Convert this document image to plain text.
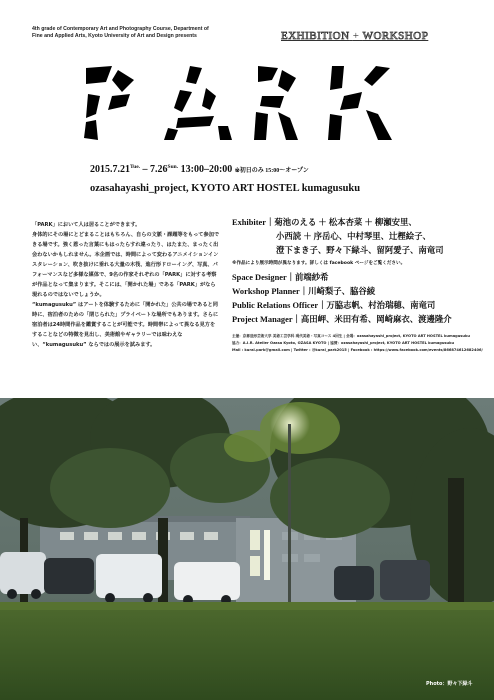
4th grade of Contemporary Art and Photography Course, Department of
Fine and Applied Arts, Kyoto University of Art and Design presents	EXHIBITION + WORKSHOP
$2015.7.21^{Tue.} - 7.26^{Sun.}$ 13:00–20:00 ※初日のみ 15:00〜オープン
ozasahayashi_project, KYOTO ART HOSTEL kumagusuku

「PARK」において人は居ることができます。

身体的にその場にとどまることはもちろん、自らの文脈・課題等をもって参加できる場です。強く惹った言葉にもはったらすれ違ったり、はたまた、まったく出会わないかもしれません。本企画では、時間によって変わるアニメイションインスタレーション、吹き抜けに垂れる大量の木筏、進行形ドローイング、写真、パフォーマンスなど多様な媒体で、9名の作家それぞれの「PARK」に対する考察が作品となって集まります。そこには、「開かれた場」である「PARK」がなら現れるのではないでしょうか。

“kumagusuku” はアートを体験するために「開かれた」公共の場であると同時に、宿泊者のための「閉じられた」プライベートな場所でもあります。さらに宿泊者は24時間作品を鑑賞することが可能です。時間帯によって異なる見方をすることなどの特徴を見出し、美術館やギャラリーでは味わえない、“kumagusuku” ならではの展示を試みます。

Exhibiter｜菊池のえる ＋ 松本杏菜 ＋ 柳瀬安里、
小西読 ＋ 序岳心、中村琴里、辻樫絵子、
澄下まき子、野々下緑斗、留阿愛子、南竜司
※作品により展示時間が異なります。詳しくは facebook ページをご覧ください。
Space Designer｜前端紗希
Workshop Planner｜川崎梨子、脇谷綾
Public Relations Officer｜万脇志帆、村治瑞穂、南竜司
Project Manager｜高田岬、米田有希、岡崎麻衣、渡邊隆介
主催：京都造形芸術大学 美術工芸学科 現代美術・写真コース 4回生 | 会場：ozasahayashi_project, KYOTO ART HOSTEL kumagusuku
協力：A.I.R. Atelier Ozasa Kyoto, OZASA KYOTO | 協賛：ozasahayashi_project, KYOTO ART HOSTEL kumagusuku
Mail : kurai.park@gmail.com | Twitter : @kurai_park2015 | Facebook : https://www.facebook.com/events/866874612682406/
Photo：野々下緑斗
